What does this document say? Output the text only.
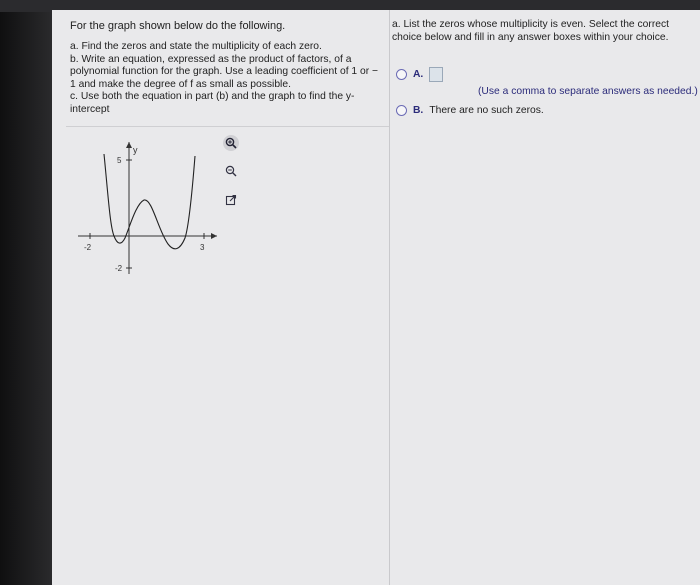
For the graph shown below do the following.

a. Find the zeros and state the multiplicity of each zero.

b. Write an equation, expressed as the product of factors, of a polynomial function for the graph. Use a leading coefficient of 1 or − 1 and make the degree of f as small as possible.

c. Use both the equation in part (b) and the graph to find the y-intercept

y
5
-2
-2	3
a. List the zeros whose multiplicity is even. Select the correct choice below and fill in any answer boxes within your choice.
A.
(Use a comma to separate answers as needed.)
B. There are no such zeros.
